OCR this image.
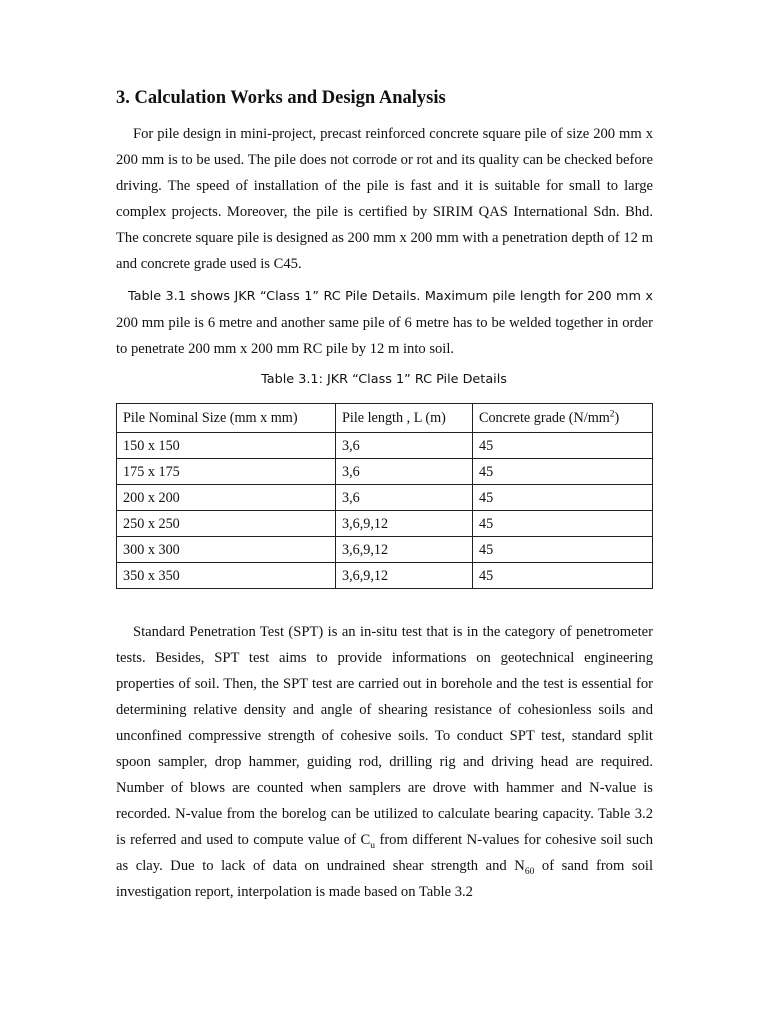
3. Calculation Works and Design Analysis

For pile design in mini-project, precast reinforced concrete square pile of size 200 mm x 200 mm is to be used. The pile does not corrode or rot and its quality can be checked before driving. The speed of installation of the pile is fast and it is suitable for small to large complex projects. Moreover, the pile is certified by SIRIM QAS International Sdn. Bhd. The concrete square pile is designed as 200 mm x 200 mm with a penetration depth of 12 m and concrete grade used is C45.

Table 3.1 shows JKR “Class 1” RC Pile Details. Maximum pile length for 200 mm x 200 mm pile is 6 metre and another same pile of 6 metre has to be welded together in order to penetrate 200 mm x 200 mm RC pile by 12 m into soil.

Table 3.1: JKR “Class 1” RC Pile Details

Pile Nominal Size (mm x mm)	Pile length , L (m)	Concrete grade $(N/mm^2)$
150 x 150	3,6	45
175 x 175	3,6	45
200 x 200	3,6	45
250 x 250	3,6,9,12	45
300 x 300	3,6,9,12	45
350 x 350	3,6,9,12	45

Standard Penetration Test (SPT) is an in-situ test that is in the category of penetrometer tests. Besides, SPT test aims to provide informations on geotechnical engineering properties of soil. Then, the SPT test are carried out in borehole and the test is essential for determining relative density and angle of shearing resistance of cohesionless soils and unconfined compressive strength of cohesive soils. To conduct SPT test, standard split spoon sampler, drop hammer, guiding rod, drilling rig and driving head are required. Number of blows are counted when samplers are drove with hammer and N-value is recorded. N-value from the borelog can be utilized to calculate bearing capacity. Table 3.2 is referred and used to compute value of $C_u$ from different N-values for cohesive soil such as clay. Due to lack of data on undrained shear strength and $N_{60}$ of sand from soil investigation report, interpolation is made based on Table 3.2
